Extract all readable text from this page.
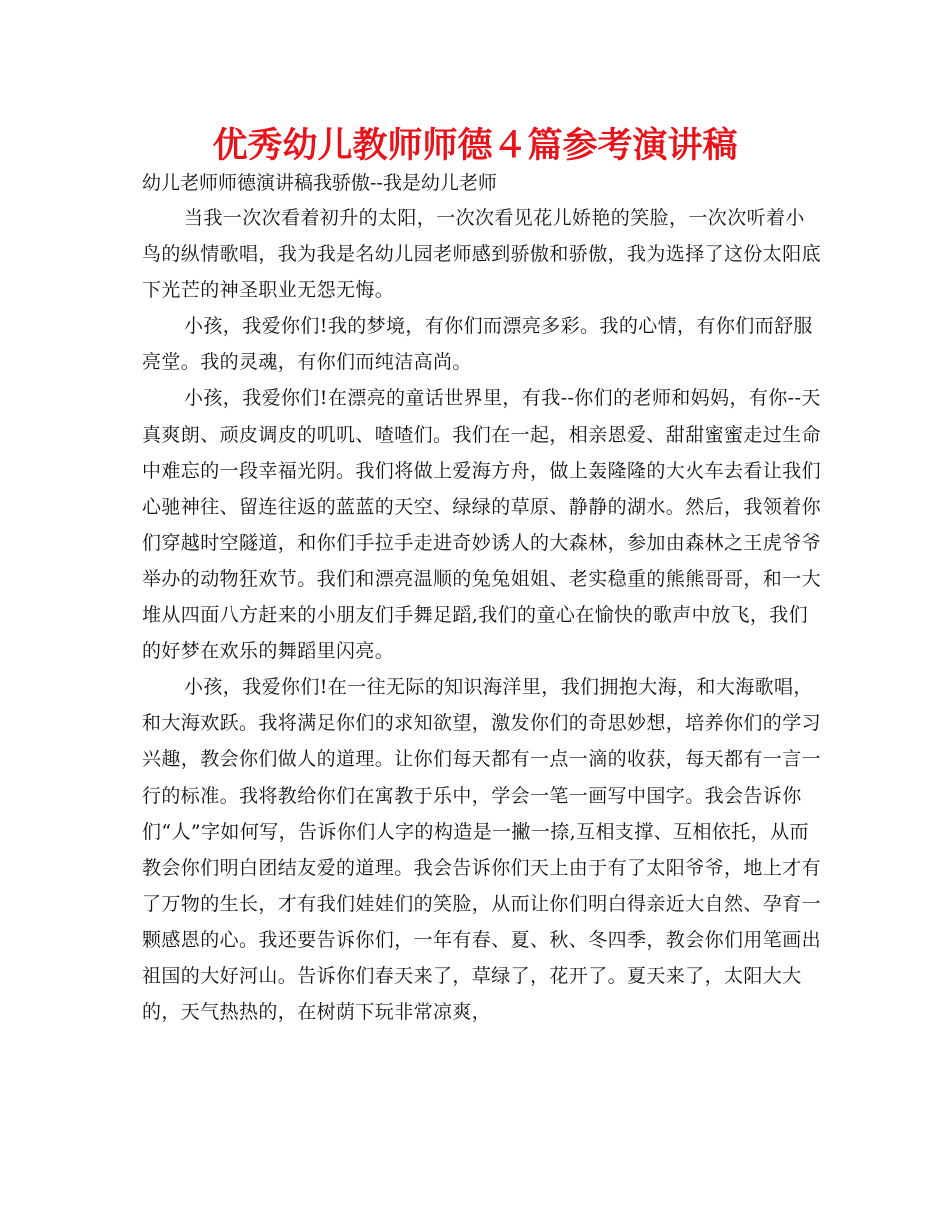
优秀幼儿教师师德４篇参考演讲稿

幼儿老师师德演讲稿我骄傲--我是幼儿老师

当我一次次看着初升的太阳，一次次看见花儿娇艳的笑脸，一次次听着小鸟的纵情歌唱，我为我是名幼儿园老师感到骄傲和骄傲，我为选择了这份太阳底下光芒的神圣职业无怨无悔。

小孩，我爱你们!我的梦境，有你们而漂亮多彩。我的心情，有你们而舒服亮堂。我的灵魂，有你们而纯洁高尚。

小孩，我爱你们!在漂亮的童话世界里，有我--你们的老师和妈妈，有你--天真爽朗、顽皮调皮的叽叽、喳喳们。我们在一起，相亲恩爱、甜甜蜜蜜走过生命中难忘的一段幸福光阴。我们将做上爱海方舟，做上轰隆隆的大火车去看让我们心驰神往、留连往返的蓝蓝的天空、绿绿的草原、静静的湖水。然后，我领着你们穿越时空隧道，和你们手拉手走进奇妙诱人的大森林，参加由森林之王虎爷爷举办的动物狂欢节。我们和漂亮温顺的兔兔姐姐、老实稳重的熊熊哥哥，和一大堆从四面八方赶来的小朋友们手舞足蹈,我们的童心在愉快的歌声中放飞，我们的好梦在欢乐的舞蹈里闪亮。

小孩，我爱你们!在一往无际的知识海洋里，我们拥抱大海，和大海歌唱，和大海欢跃。我将满足你们的求知欲望，激发你们的奇思妙想，培养你们的学习兴趣，教会你们做人的道理。让你们每天都有一点一滴的收获，每天都有一言一行的标准。我将教给你们在寓教于乐中，学会一笔一画写中国字。我会告诉你们“人”字如何写，告诉你们人字的构造是一撇一捺,互相支撑、互相依托，从而教会你们明白团结友爱的道理。我会告诉你们天上由于有了太阳爷爷，地上才有了万物的生长，才有我们娃娃们的笑脸，从而让你们明白得亲近大自然、孕育一颗感恩的心。我还要告诉你们，一年有春、夏、秋、冬四季，教会你们用笔画出祖国的大好河山。告诉你们春天来了，草绿了，花开了。夏天来了，太阳大大的，天气热热的，在树荫下玩非常凉爽，
